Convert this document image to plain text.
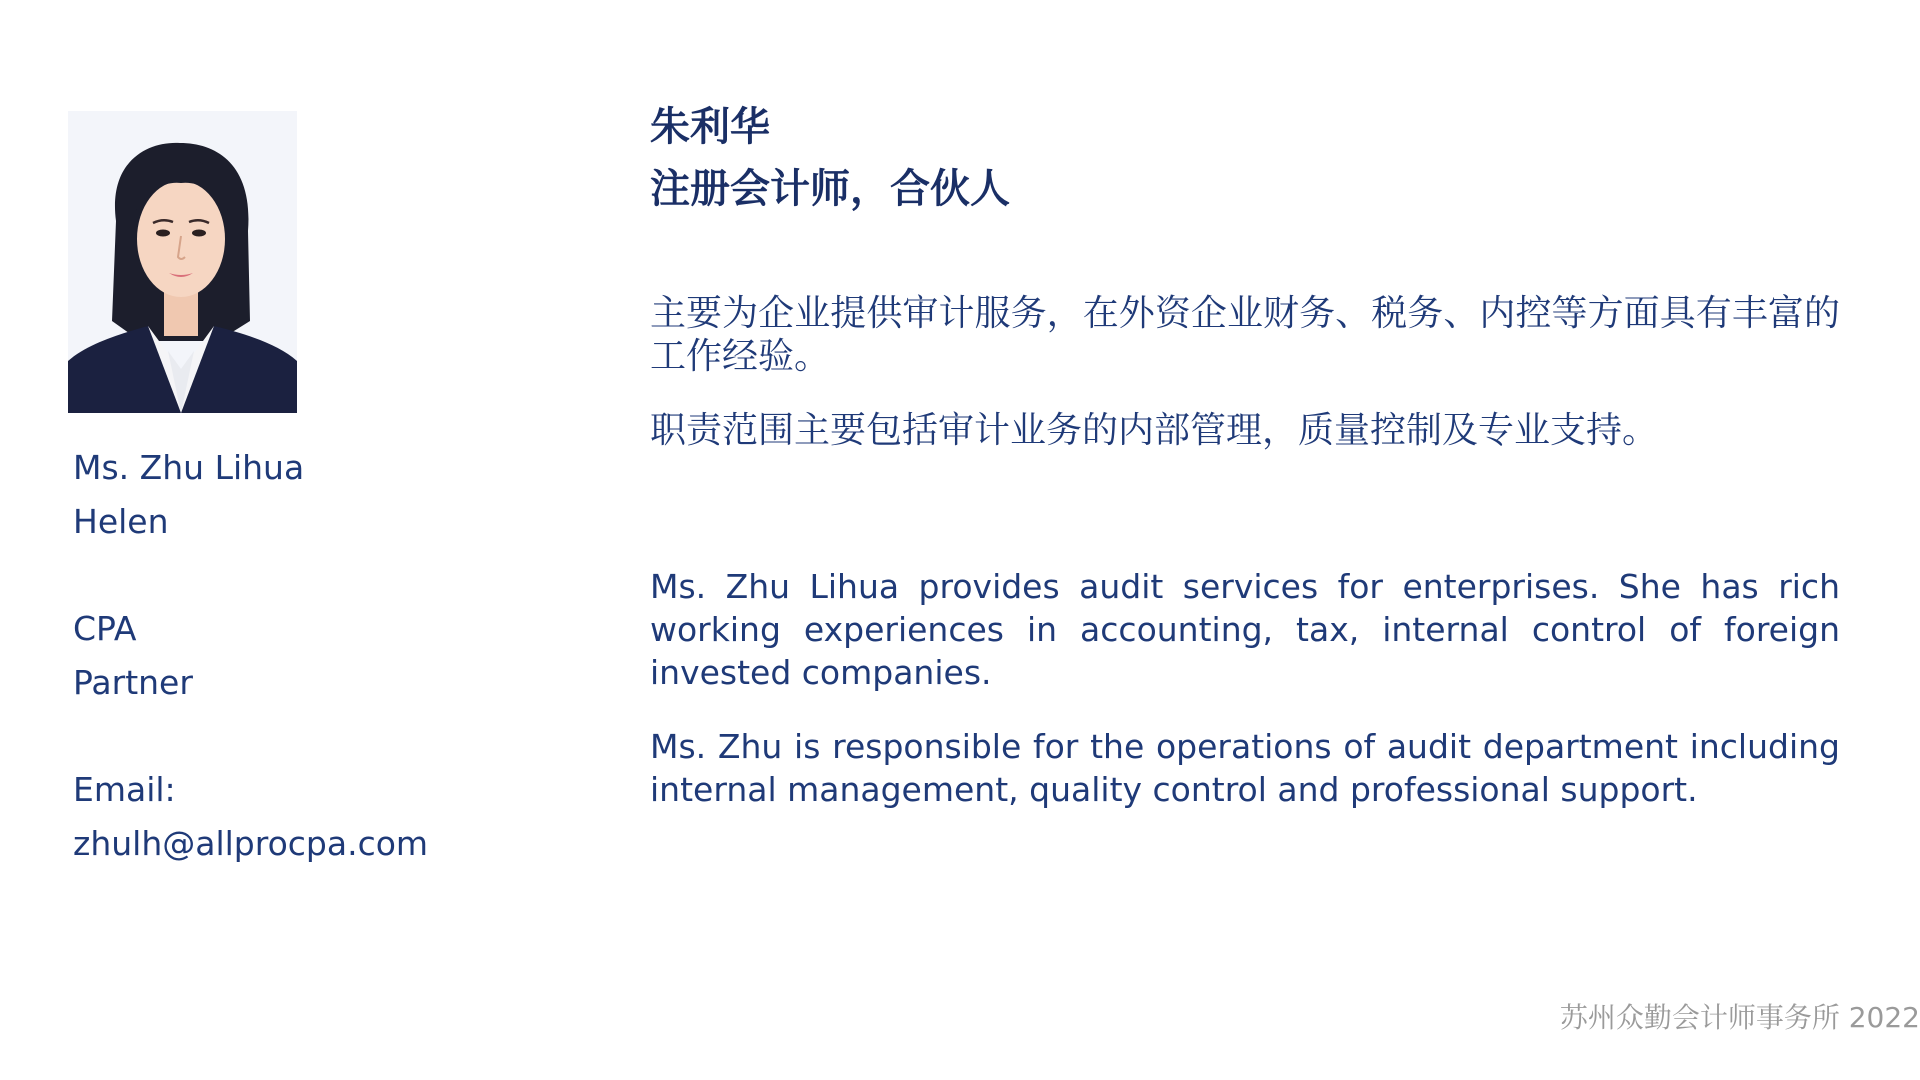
Ms. Zhu Lihua
Helen
CPA
Partner
Email:
zhulh@allprocpa.com
朱利华
注册会计师，合伙人
主要为企业提供审计服务，在外资企业财务、税务、内控等方面具有丰富的工作经验。
职责范围主要包括审计业务的内部管理，质量控制及专业支持。
Ms. Zhu Lihua provides audit services for enterprises. She has rich working experiences in accounting, tax, internal control of foreign invested companies.
Ms. Zhu is responsible for the operations of audit department including internal management, quality control and professional support.
苏州众勤会计师事务所 2022
